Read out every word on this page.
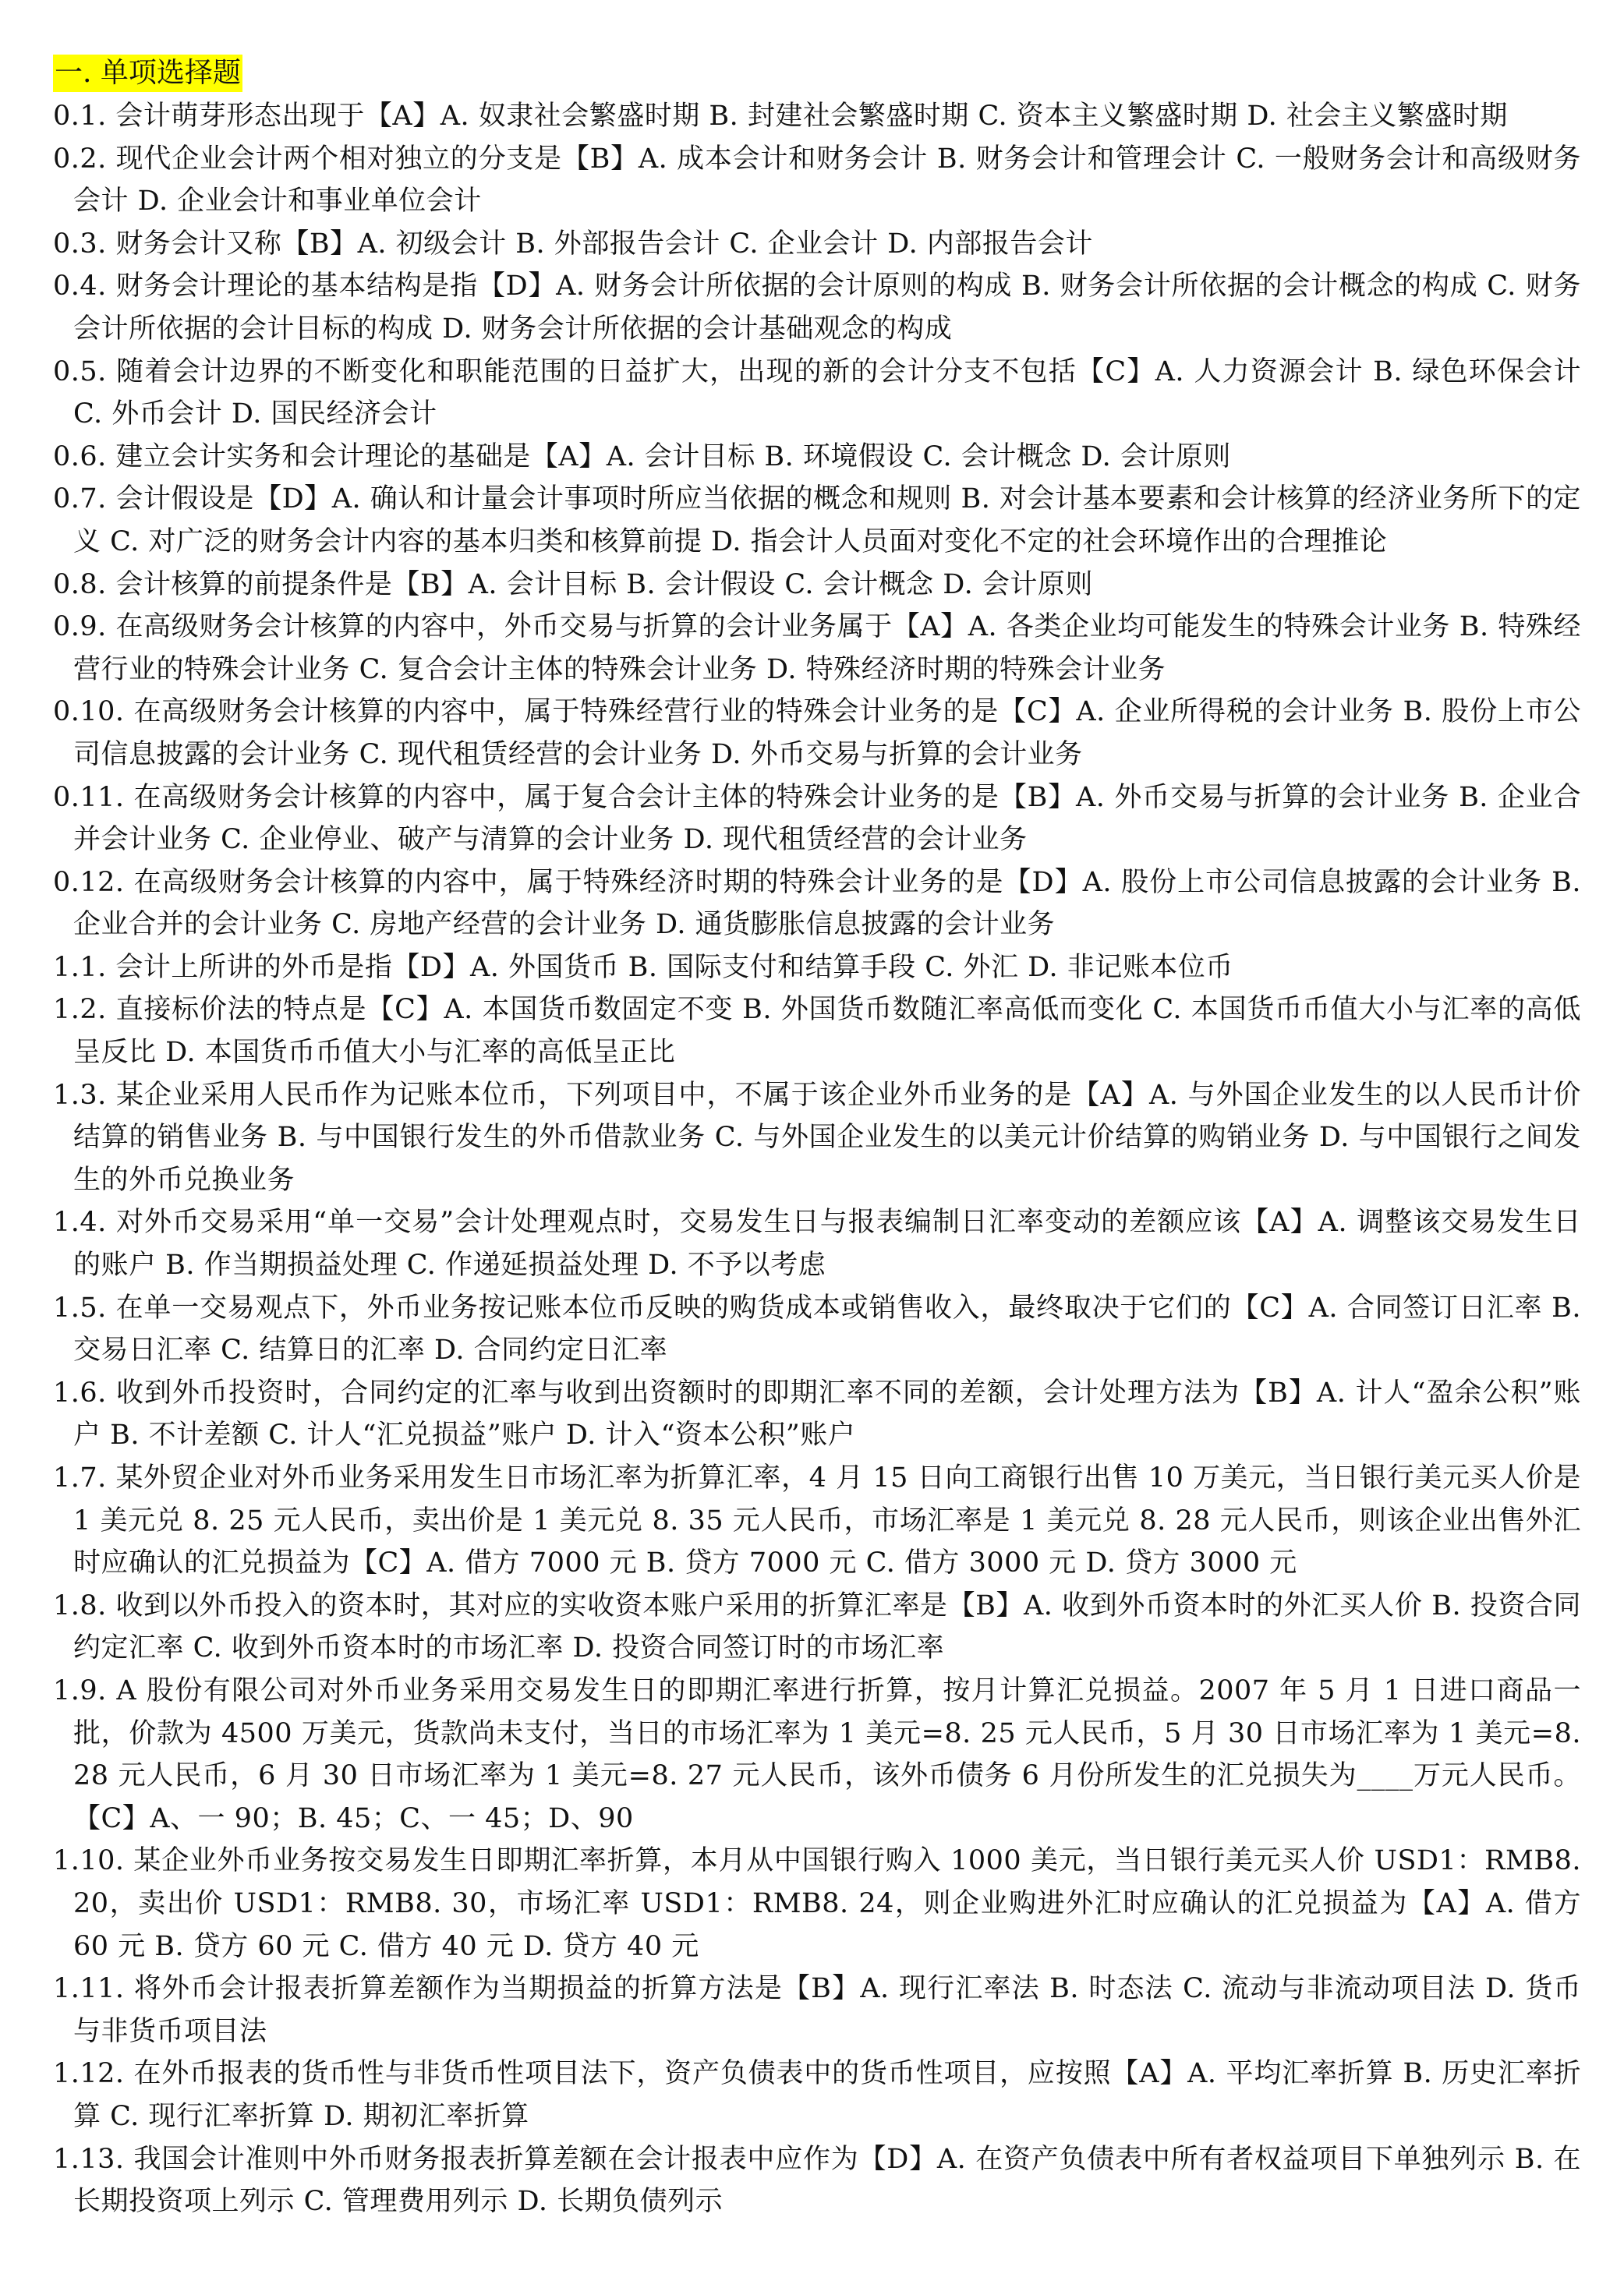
一. 单项选择题

0.1. 会计萌芽形态出现于【A】A. 奴隶社会繁盛时期 B. 封建社会繁盛时期 C. 资本主义繁盛时期 D. 社会主义繁盛时期

0.2. 现代企业会计两个相对独立的分支是【B】A. 成本会计和财务会计 B. 财务会计和管理会计 C. 一般财务会计和高级财务会计 D. 企业会计和事业单位会计

0.3. 财务会计又称【B】A. 初级会计 B. 外部报告会计 C. 企业会计 D. 内部报告会计

0.4. 财务会计理论的基本结构是指【D】A. 财务会计所依据的会计原则的构成 B. 财务会计所依据的会计概念的构成 C. 财务会计所依据的会计目标的构成 D. 财务会计所依据的会计基础观念的构成

0.5. 随着会计边界的不断变化和职能范围的日益扩大，出现的新的会计分支不包括【C】A. 人力资源会计 B. 绿色环保会计 C. 外币会计 D. 国民经济会计

0.6. 建立会计实务和会计理论的基础是【A】A. 会计目标 B. 环境假设 C. 会计概念 D. 会计原则

0.7. 会计假设是【D】A. 确认和计量会计事项时所应当依据的概念和规则 B. 对会计基本要素和会计核算的经济业务所下的定义 C. 对广泛的财务会计内容的基本归类和核算前提 D. 指会计人员面对变化不定的社会环境作出的合理推论

0.8. 会计核算的前提条件是【B】A. 会计目标 B. 会计假设 C. 会计概念 D. 会计原则

0.9. 在高级财务会计核算的内容中，外币交易与折算的会计业务属于【A】A. 各类企业均可能发生的特殊会计业务 B. 特殊经营行业的特殊会计业务 C. 复合会计主体的特殊会计业务 D. 特殊经济时期的特殊会计业务

0.10. 在高级财务会计核算的内容中，属于特殊经营行业的特殊会计业务的是【C】A. 企业所得税的会计业务 B. 股份上市公司信息披露的会计业务 C. 现代租赁经营的会计业务 D. 外币交易与折算的会计业务

0.11. 在高级财务会计核算的内容中，属于复合会计主体的特殊会计业务的是【B】A. 外币交易与折算的会计业务 B. 企业合并会计业务 C. 企业停业、破产与清算的会计业务 D. 现代租赁经营的会计业务

0.12. 在高级财务会计核算的内容中，属于特殊经济时期的特殊会计业务的是【D】A. 股份上市公司信息披露的会计业务 B. 企业合并的会计业务 C. 房地产经营的会计业务 D. 通货膨胀信息披露的会计业务

1.1. 会计上所讲的外币是指【D】A. 外国货币 B. 国际支付和结算手段 C. 外汇 D. 非记账本位币

1.2. 直接标价法的特点是【C】A. 本国货币数固定不变 B. 外国货币数随汇率高低而变化 C. 本国货币币值大小与汇率的高低呈反比 D. 本国货币币值大小与汇率的高低呈正比

1.3. 某企业采用人民币作为记账本位币，下列项目中，不属于该企业外币业务的是【A】A. 与外国企业发生的以人民币计价结算的销售业务 B. 与中国银行发生的外币借款业务 C. 与外国企业发生的以美元计价结算的购销业务 D. 与中国银行之间发生的外币兑换业务

1.4. 对外币交易采用“单一交易”会计处理观点时，交易发生日与报表编制日汇率变动的差额应该【A】A. 调整该交易发生日的账户 B. 作当期损益处理 C. 作递延损益处理 D. 不予以考虑

1.5. 在单一交易观点下，外币业务按记账本位币反映的购货成本或销售收入，最终取决于它们的【C】A. 合同签订日汇率 B. 交易日汇率 C. 结算日的汇率 D. 合同约定日汇率

1.6. 收到外币投资时，合同约定的汇率与收到出资额时的即期汇率不同的差额，会计处理方法为【B】A. 计人“盈余公积”账户 B. 不计差额 C. 计人“汇兑损益”账户 D. 计入“资本公积”账户

1.7. 某外贸企业对外币业务采用发生日市场汇率为折算汇率，4 月 15 日向工商银行出售 10 万美元，当日银行美元买人价是 1 美元兑 8. 25 元人民币，卖出价是 1 美元兑 8. 35 元人民币，市场汇率是 1 美元兑 8. 28 元人民币，则该企业出售外汇时应确认的汇兑损益为【C】A. 借方 7000 元 B. 贷方 7000 元 C. 借方 3000 元 D. 贷方 3000 元

1.8. 收到以外币投入的资本时，其对应的实收资本账户采用的折算汇率是【B】A. 收到外币资本时的外汇买人价 B. 投资合同约定汇率 C. 收到外币资本时的市场汇率 D. 投资合同签订时的市场汇率

1.9. A 股份有限公司对外币业务采用交易发生日的即期汇率进行折算，按月计算汇兑损益。2007 年 5 月 1 日进口商品一批，价款为 4500 万美元，货款尚未支付，当日的市场汇率为 1 美元=8. 25 元人民币，5 月 30 日市场汇率为 1 美元=8. 28 元人民币，6 月 30 日市场汇率为 1 美元=8. 27 元人民币，该外币债务 6 月份所发生的汇兑损失为____万元人民币。【C】A、一 90；B. 45；C、一 45；D、90

1.10. 某企业外币业务按交易发生日即期汇率折算，本月从中国银行购入 1000 美元，当日银行美元买人价 USD1：RMB8. 20，卖出价 USD1：RMB8. 30，市场汇率 USD1：RMB8. 24，则企业购进外汇时应确认的汇兑损益为【A】A. 借方 60 元 B. 贷方 60 元 C. 借方 40 元 D. 贷方 40 元

1.11. 将外币会计报表折算差额作为当期损益的折算方法是【B】A. 现行汇率法 B. 时态法 C. 流动与非流动项目法 D. 货币与非货币项目法

1.12. 在外币报表的货币性与非货币性项目法下，资产负债表中的货币性项目，应按照【A】A. 平均汇率折算 B. 历史汇率折算 C. 现行汇率折算 D. 期初汇率折算

1.13. 我国会计准则中外币财务报表折算差额在会计报表中应作为【D】A. 在资产负债表中所有者权益项目下单独列示 B. 在长期投资项上列示 C. 管理费用列示 D. 长期负债列示
